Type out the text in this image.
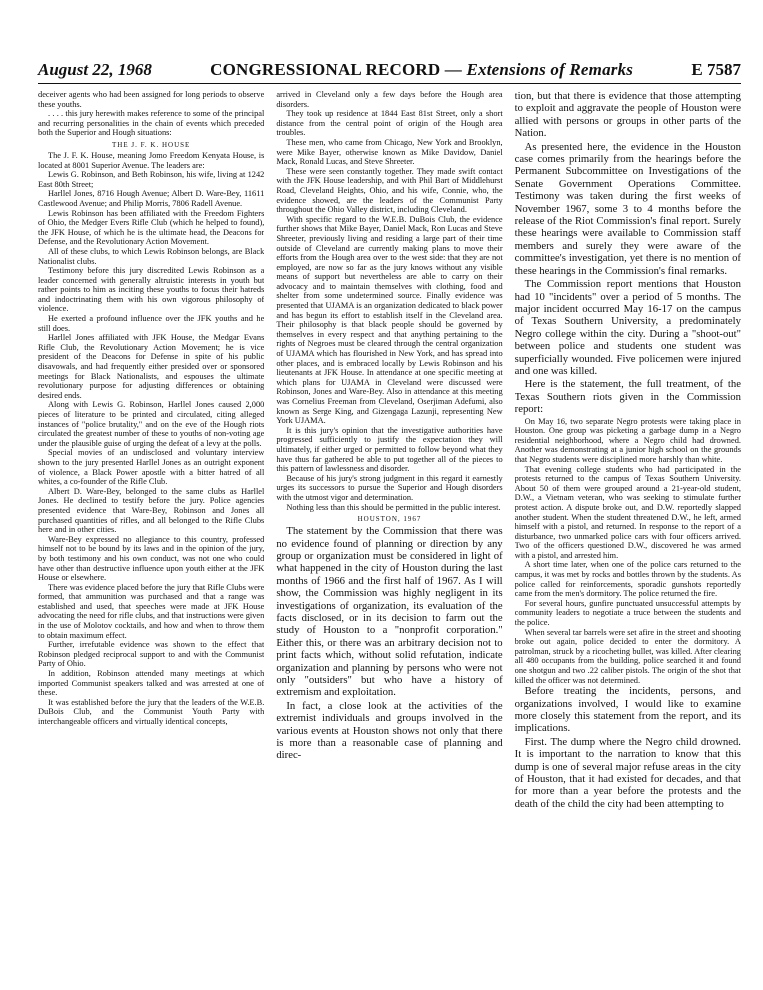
August 22, 1968	CONGRESSIONAL RECORD — Extensions of Remarks	E 7587

deceiver agents who had been assigned for long periods to observe these youths.

. . . . this jury herewith makes reference to some of the principal and recurring personalities in the chain of events which preceded both the Superior and Hough situations:

THE J. F. K. HOUSE

The J. F. K. House, meaning Jomo Freedom Kenyata House, is located at 8001 Superior Avenue. The leaders are:

Lewis G. Robinson, and Beth Robinson, his wife, living at 1242 East 80th Street;

Harllel Jones, 8716 Hough Avenue; Albert D. Ware-Bey, 11611 Castlewood Avenue; and Philip Morris, 7806 Radell Avenue.

Lewis Robinson has been affiliated with the Freedom Fighters of Ohio, the Medger Evers Rifle Club (which he helped to found), the JFK House, of which he is the ultimate head, the Deacons for Defense, and the Revolutionary Action Movement.

All of these clubs, to which Lewis Robinson belongs, are Black Nationalist clubs.

Testimony before this jury discredited Lewis Robinson as a leader concerned with generally altruistic interests in youth but rather points to him as inciting these youths to focus their hatreds and indoctrinating them with his own vigorous philosophy of violence.

He exerted a profound influence over the JFK youths and he still does.

Harllel Jones affiliated with JFK House, the Medgar Evans Rifle Club, the Revolutionary Action Movement; he is vice president of the Deacons for Defense in spite of his public disavowals, and had frequently either presided over or sponsored meetings for Black Nationalists, and espouses the ultimate revolutionary purpose for adjusting differences or obtaining desired ends.

Along with Lewis G. Robinson, Harllel Jones caused 2,000 pieces of literature to be printed and circulated, citing alleged instances of "police brutality," and on the eve of the Hough riots circulated the greatest number of these to youths of non-voting age under the plausible guise of urging the defeat of a levy at the polls.

Special movies of an undisclosed and voluntary interview shown to the jury presented Harllel Jones as an outright exponent of violence, a Black Power apostle with a bitter hatred of all whites, a co-founder of the Rifle Club.

Albert D. Ware-Bey, belonged to the same clubs as Harllel Jones. He declined to testify before the jury. Police agencies presented evidence that Ware-Bey, Robinson and Jones all purchased quantities of rifles, and all belonged to the Rifle Clubs here and in other cities.

Ware-Bey expressed no allegiance to this country, professed himself not to be bound by its laws and in the opinion of the jury, by both testimony and his own conduct, was not one who could have other than destructive influence upon youth either at the JFK House or elsewhere.

There was evidence placed before the jury that Rifle Clubs were formed, that ammunition was purchased and that a range was established and used, that speeches were made at JFK House advocating the need for rifle clubs, and that instructions were given in the use of Molotov cocktails, and how and when to throw them to obtain maximum effect.

Further, irrefutable evidence was shown to the effect that Robinson pledged reciprocal support to and with the Communist Party of Ohio.

In addition, Robinson attended many meetings at which imported Communist speakers talked and was arrested at one of these.

It was established before the jury that the leaders of the W.E.B. DuBois Club, and the Communist Youth Party with interchangeable officers and virtually identical concepts,

arrived in Cleveland only a few days before the Hough area disorders.

They took up residence at 1844 East 81st Street, only a short distance from the central point of origin of the Hough area troubles.

These men, who came from Chicago, New York and Brooklyn, were Mike Bayer, otherwise known as Mike Davidow, Daniel Mack, Ronald Lucas, and Steve Shreeter.

These were seen constantly together. They made swift contact with the JFK House leadership, and with Phil Bart of Middlehurst Road, Cleveland Heights, Ohio, and his wife, Connie, who, the evidence showed, are the leaders of the Communist Party throughout the Ohio Valley district, including Cleveland.

With specific regard to the W.E.B. DuBois Club, the evidence further shows that Mike Bayer, Daniel Mack, Ron Lucas and Steve Shreeter, previously living and residing a large part of their time outside of Cleveland are currently making plans to move their efforts from the Hough area over to the west side: that they are not employed, are now so far as the jury knows without any visible means of support but nevertheless are able to carry on their advocacy and to maintain themselves with clothing, food and shelter from some undetermined source. Finally evidence was presented that UJAMA is an organization dedicated to black power and has begun its effort to establish itself in the Cleveland area. Their philosophy is that black people should be governed by themselves in every respect and that anything pertaining to the rights of Negroes must be cleared through the central organization of UJAMA which has flourished in New York, and has spread into other places, and is embraced locally by Lewis Robinson and his lieutenants at JFK House. In attendance at one specific meeting at which plans for UJAMA in Cleveland were discussed were Robinson, Jones and Ware-Bey. Also in attendance at this meeting was Cornelius Freeman from Cleveland, Oserjiman Adefumi, also known as Serge King, and Gizengaga Lazunji, representing New York UJAMA.

It is this jury's opinion that the investigative authorities have progressed sufficiently to justify the expectation they will ultimately, if either urged or permitted to follow beyond what they have thus far gathered be able to put together all of the pieces to this pattern of lawlessness and disorder.

Because of his jury's strong judgment in this regard it earnestly urges its successors to pursue the Superior and Hough disorders with the utmost vigor and determination.

Nothing less than this should be permitted in the public interest.

HOUSTON, 1967

The statement by the Commission that there was no evidence found of planning or direction by any group or organization must be considered in light of what happened in the city of Houston during the last months of 1966 and the first half of 1967. As I will show, the Commission was highly negligent in its investigations of organization, its evaluation of the facts disclosed, or in its decision to farm out the study of Houston to a "nonprofit corporation." Either this, or there was an arbitrary decision not to print facts which, without solid refutation, indicate organization and planning by persons who were not only "outsiders" but who have a history of extremism and exploitation.

In fact, a close look at the activities of the extremist individuals and groups involved in the various events at Houston shows not only that there is more than a reasonable case of planning and direc-

tion, but that there is evidence that those attempting to exploit and aggravate the people of Houston were allied with persons or groups in other parts of the Nation.

As presented here, the evidence in the Houston case comes primarily from the hearings before the Permanent Subcommittee on Investigations of the Senate Government Operations Committee. Testimony was taken during the first weeks of November 1967, some 3 to 4 months before the release of the Riot Commission's final report. Surely these hearings were available to Commission staff members and surely they were aware of the committee's investigation, yet there is no mention of these hearings in the Commission's final remarks.

The Commission report mentions that Houston had 10 "incidents" over a period of 5 months. The major incident occurred May 16-17 on the campus of Texas Southern University, a predominately Negro college within the city. During a "shoot-out" between police and students one student was superficially wounded. Five policemen were injured and one was killed.

Here is the statement, the full treatment, of the Texas Southern riots given in the Commission report:

On May 16, two separate Negro protests were taking place in Houston. One group was picketing a garbage dump in a Negro residential neighborhood, where a Negro child had drowned. Another was demonstrating at a junior high school on the grounds that Negro students were disciplined more harshly than white.

That evening college students who had participated in the protests returned to the campus of Texas Southern University. About 50 of them were grouped around a 21-year-old student, D.W., a Vietnam veteran, who was seeking to stimulate further protest action. A dispute broke out, and D.W. reportedly slapped another student. When the student threatened D.W., he left, armed himself with a pistol, and returned. In response to the report of a disturbance, two unmarked police cars with four officers arrived. Two of the officers questioned D.W., discovered he was armed with a pistol, and arrested him.

A short time later, when one of the police cars returned to the campus, it was met by rocks and bottles thrown by the students. As police called for reinforcements, sporadic gunshots reportedly came from the men's dormitory. The police returned the fire.

For several hours, gunfire punctuated unsuccessful attempts by community leaders to negotiate a truce between the students and the police.

When several tar barrels were set afire in the street and shooting broke out again, police decided to enter the dormitory. A patrolman, struck by a ricocheting bullet, was killed. After clearing all 480 occupants from the building, police searched it and found one shotgun and two .22 caliber pistols. The origin of the shot that killed the officer was not determined.

Before treating the incidents, persons, and organizations involved, I would like to examine more closely this statement from the report, and its implications.

First. The dump where the Negro child drowned. It is important to the narration to know that this dump is one of several major refuse areas in the city of Houston, that it had existed for decades, and that for more than a year before the protests and the death of the child the city had been attempting to
